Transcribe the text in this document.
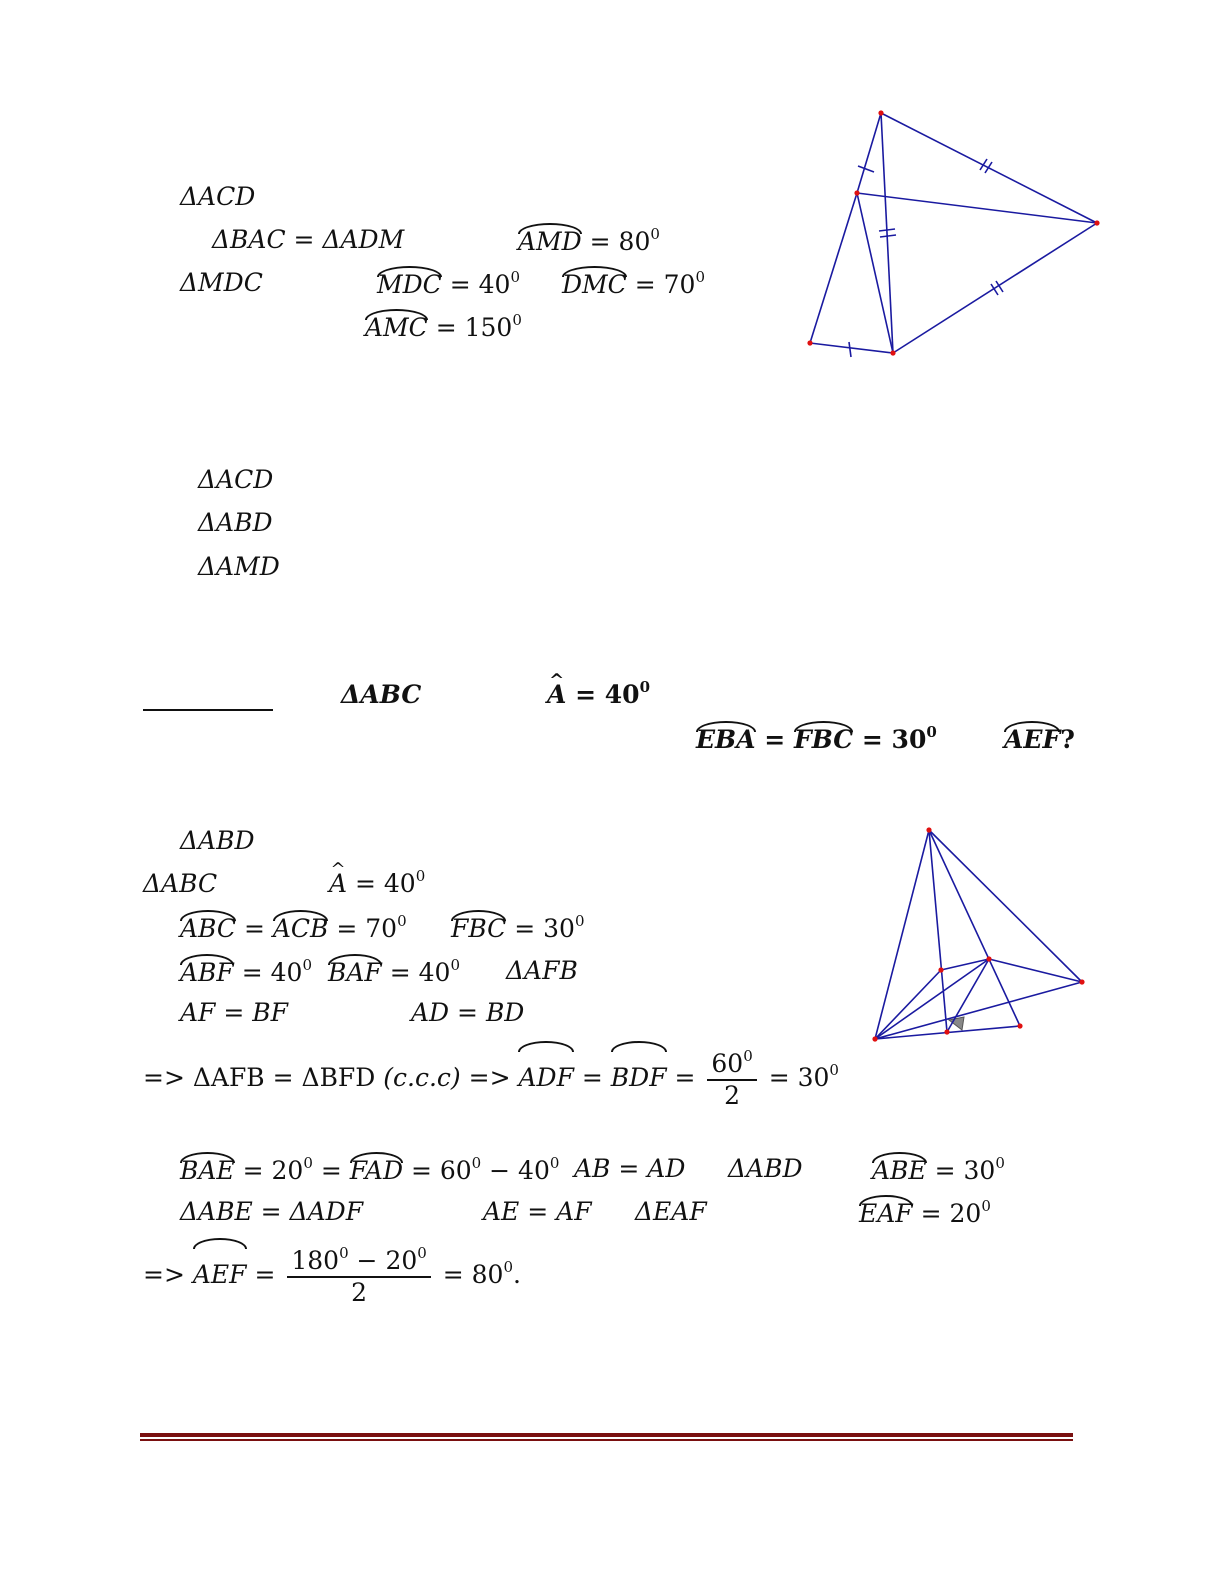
ΔACD
ΔBAC = ΔADM	AMD = $80^0$
ΔMDC	MDC = $40^0$ DMC = $70^0$
AMC = $150^0$
ΔACD
ΔABD
ΔAMD
ΔABC	^ $A = 40^0$
EBA = FBC = $30^0$	AEF?
ΔABD
ΔABC	^ $A = 40^0$
ABC = ACB = $70^0$ FBC = $30^0$
ABF = $40^0$ BAF = $40^0$ ΔAFB
AF = BF	AD = BD
=> ΔAFB = ΔBFD (c.c.c) => ADF = BDF = $\frac{60^0}{2} = 30^0$
BAE = $20^0$ = FAD = $60^0 - 40^0$ AB = AD ΔABD	ABE = $30^0$
ΔABE = ΔADF	AE = AF ΔEAF	EAF = $20^0$
=> AEF = $\frac{180^0 - 20^0}{2} = 80^0$.
